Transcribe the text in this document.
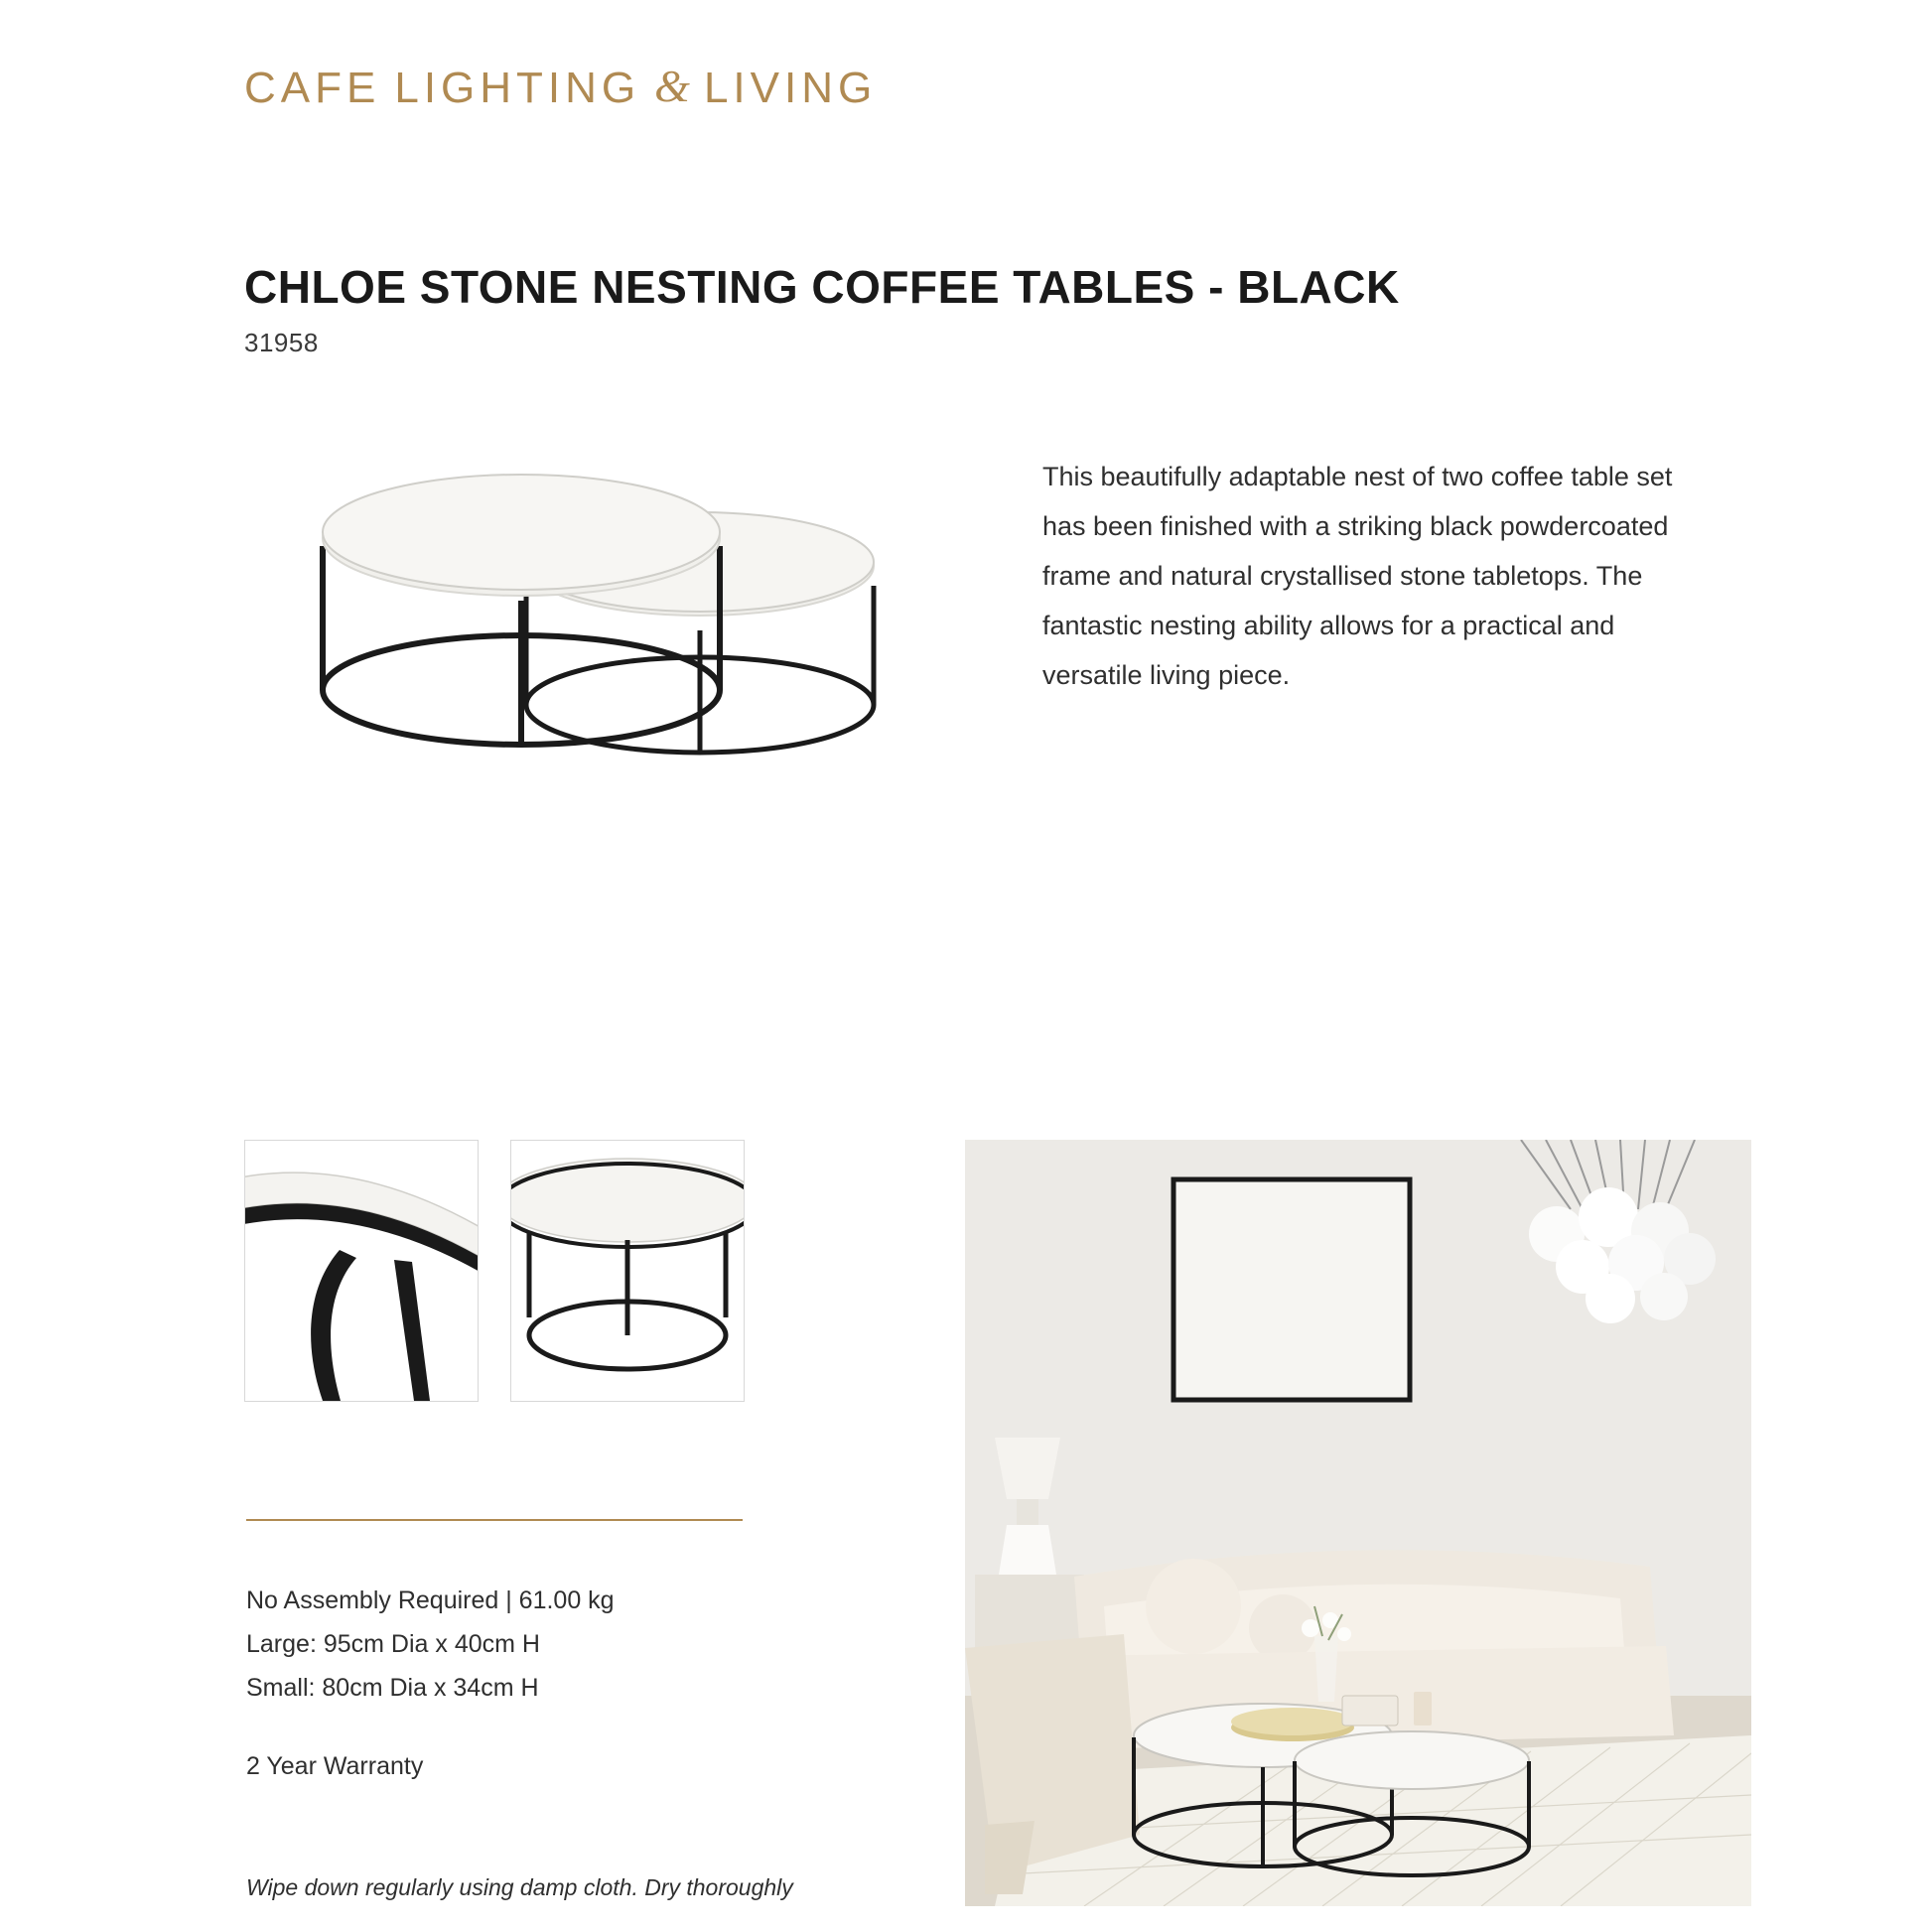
CAFE LIGHTING & LIVING
CHLOE STONE NESTING COFFEE TABLES - BLACK
31958
This beautifully adaptable nest of two coffee table set has been finished with a striking black powdercoated frame and natural crystallised stone tabletops. The fantastic nesting ability allows for a practical and versatile living piece.
No Assembly Required | 61.00 kg
Large: 95cm Dia x 40cm H
Small: 80cm Dia x 34cm H
2 Year Warranty
Wipe down regularly using damp cloth. Dry thoroughly
